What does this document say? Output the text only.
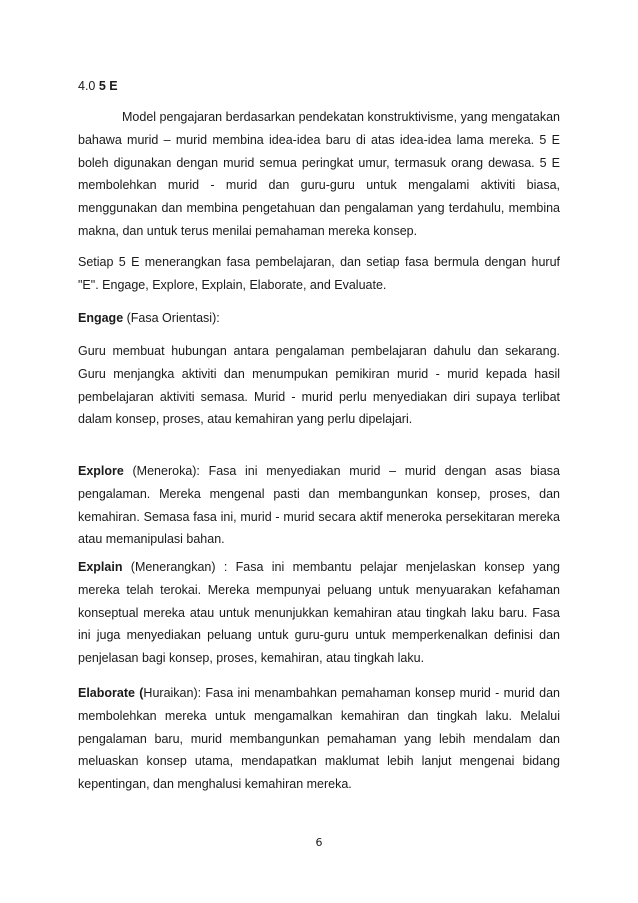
4.0 5 E

Model pengajaran berdasarkan pendekatan konstruktivisme, yang mengatakan bahawa murid – murid membina idea-idea baru di atas idea-idea lama mereka. 5 E boleh digunakan dengan murid semua peringkat umur, termasuk orang dewasa. 5 E membolehkan murid - murid dan guru-guru untuk mengalami aktiviti biasa, menggunakan dan membina pengetahuan dan pengalaman yang terdahulu, membina makna, dan untuk terus menilai pemahaman mereka konsep.

Setiap 5 E menerangkan fasa pembelajaran, dan setiap fasa bermula dengan huruf "E". Engage, Explore, Explain, Elaborate, and Evaluate.

Engage (Fasa Orientasi):

Guru membuat hubungan antara pengalaman pembelajaran dahulu dan sekarang. Guru menjangka aktiviti dan menumpukan pemikiran murid - murid kepada hasil pembelajaran aktiviti semasa. Murid - murid perlu menyediakan diri supaya terlibat dalam konsep, proses, atau kemahiran yang perlu dipelajari.

Explore (Meneroka): Fasa ini menyediakan murid – murid dengan asas biasa pengalaman. Mereka mengenal pasti dan membangunkan konsep, proses, dan kemahiran. Semasa fasa ini, murid - murid secara aktif meneroka persekitaran mereka atau memanipulasi bahan.

Explain (Menerangkan) : Fasa ini membantu pelajar menjelaskan konsep yang mereka telah terokai. Mereka mempunyai peluang untuk menyuarakan kefahaman konseptual mereka atau untuk menunjukkan kemahiran atau tingkah laku baru. Fasa ini juga menyediakan peluang untuk guru-guru untuk memperkenalkan definisi dan penjelasan bagi konsep, proses, kemahiran, atau tingkah laku.

Elaborate (Huraikan): Fasa ini menambahkan pemahaman konsep murid - murid dan membolehkan mereka untuk mengamalkan kemahiran dan tingkah laku. Melalui pengalaman baru, murid membangunkan pemahaman yang lebih mendalam dan meluaskan konsep utama, mendapatkan maklumat lebih lanjut mengenai bidang kepentingan, dan menghalusi kemahiran mereka.

6
